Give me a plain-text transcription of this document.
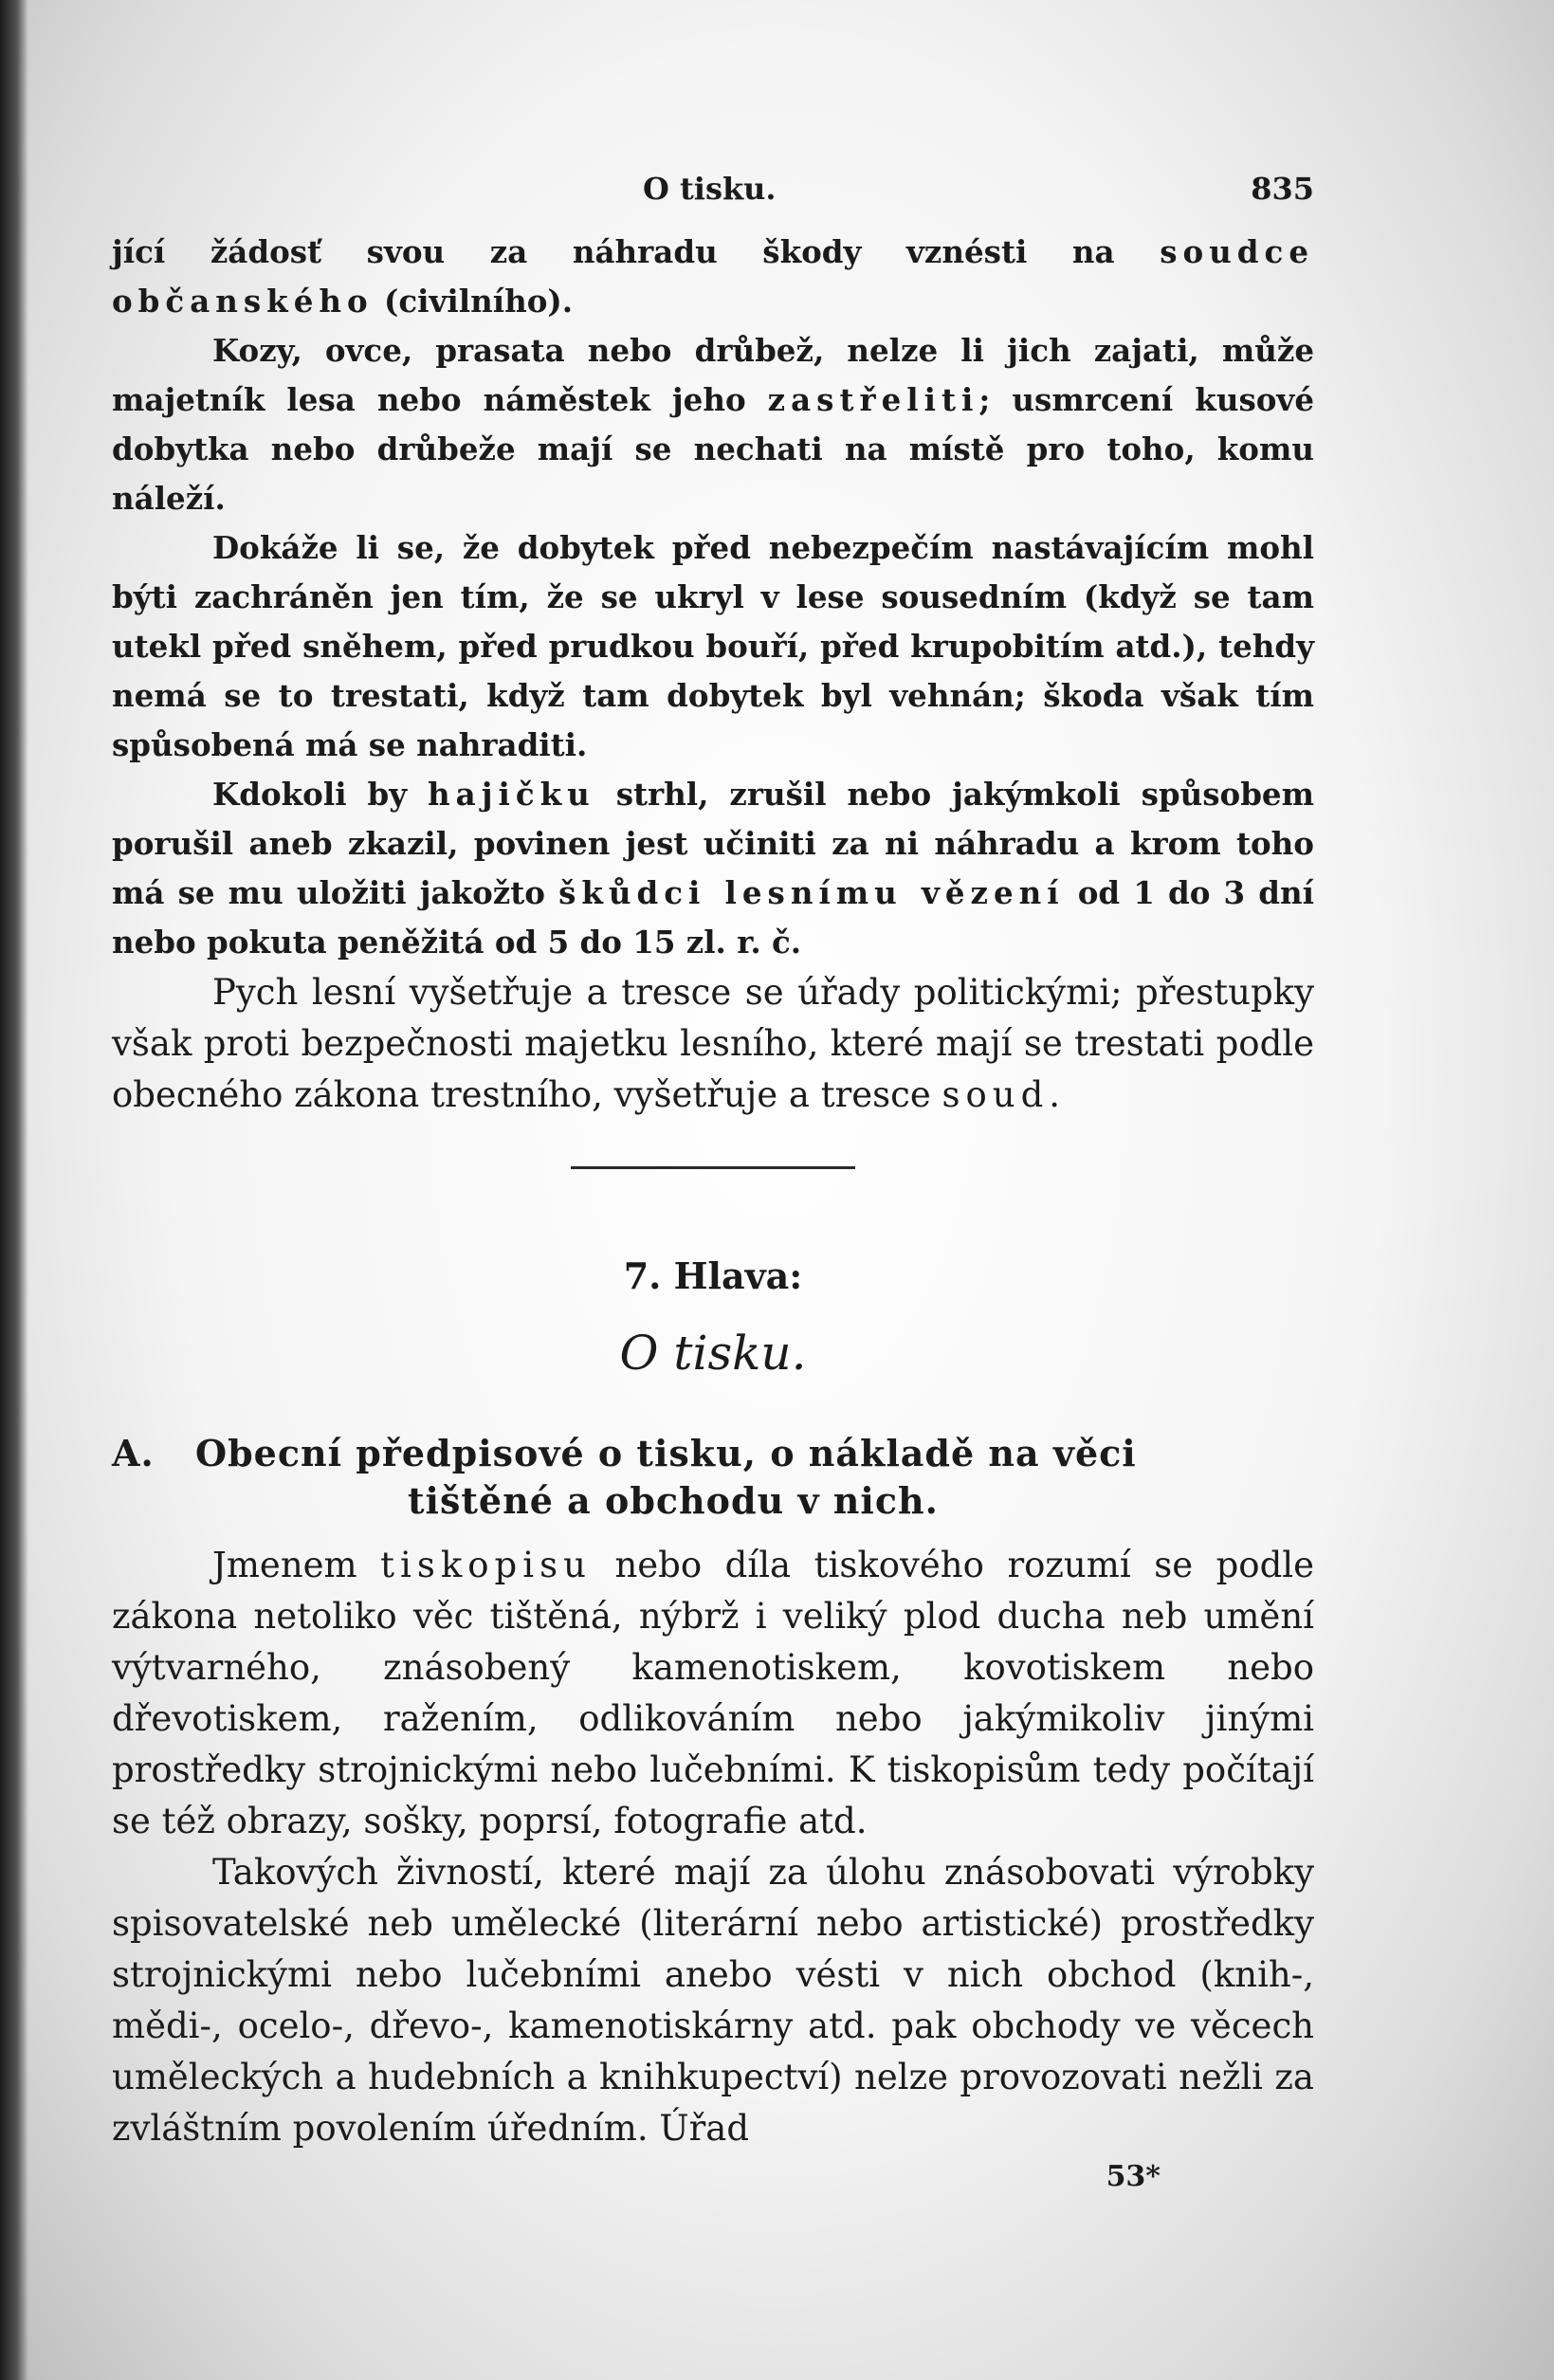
O tisku.	835

jící žádosť svou za náhradu škody vznésti na soudce občanského (civilního).

Kozy, ovce, prasata nebo drůbež, nelze li jich zajati, může majetník lesa nebo náměstek jeho zastřeliti; usmrcení kusové dobytka nebo drůbeže mají se nechati na místě pro toho, komu náleží.

Dokáže li se, že dobytek před nebezpečím nastávajícím mohl býti zachráněn jen tím, že se ukryl v lese sousedním (když se tam utekl před sněhem, před prudkou bouří, před krupobitím atd.), tehdy nemá se to trestati, když tam dobytek byl vehnán; škoda však tím spůsobená má se nahraditi.

Kdokoli by hajičku strhl, zrušil nebo jakýmkoli spůsobem porušil aneb zkazil, povinen jest učiniti za ni náhradu a krom toho má se mu uložiti jakožto škůdci lesnímu vězení od 1 do 3 dní nebo pokuta peněžitá od 5 do 15 zl. r. č.

Pych lesní vyšetřuje a tresce se úřady politickými; přestupky však proti bezpečnosti majetku lesního, které mají se trestati podle obecného zákona trestního, vyšetřuje a tresce soud.

7. Hlava:
O tisku.
A. Obecní předpisové o tisku, o nákladě na věci
tištěné a obchodu v nich.

Jmenem tiskopisu nebo díla tiskového rozumí se podle zákona netoliko věc tištěná, nýbrž i veliký plod ducha neb umění výtvarného, znásobený kamenotiskem, kovotiskem nebo dřevotiskem, ražením, odlikováním nebo jakýmikoliv jinými prostředky strojnickými nebo lučebními. K tiskopisům tedy počítají se též obrazy, sošky, poprsí, fotografie atd.

Takových živností, které mají za úlohu znásobovati výrobky spisovatelské neb umělecké (literární nebo artistické) prostředky strojnickými nebo lučebními anebo vésti v nich obchod (knih-, mědi-, ocelo-, dřevo-, kamenotiskárny atd. pak obchody ve věcech uměleckých a hudebních a knihkupectví) nelze provozovati nežli za zvláštním povolením úředním. Úřad

53*
